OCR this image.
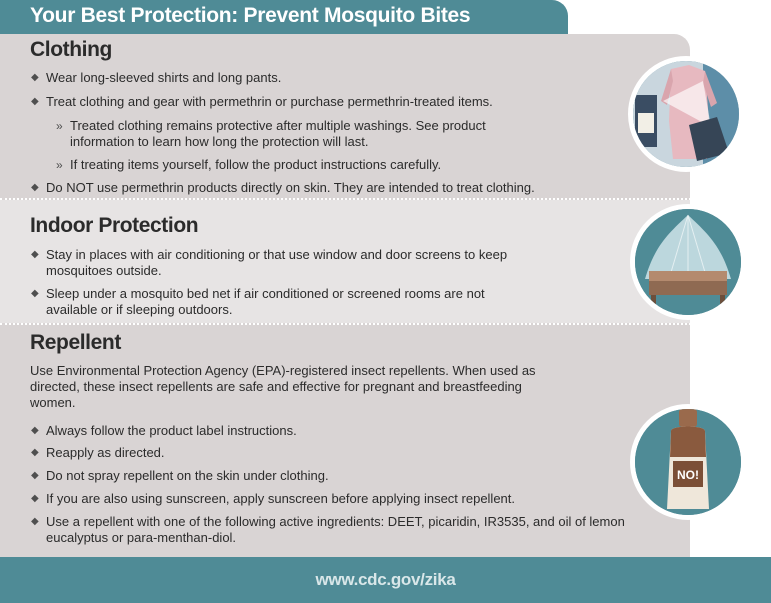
Your Best Protection: Prevent Mosquito Bites
Clothing
◆ Wear long-sleeved shirts and long pants.
◆ Treat clothing and gear with permethrin or purchase permethrin-treated items.
» Treated clothing remains protective after multiple washings. See product information to learn how long the protection will last.
» If treating items yourself, follow the product instructions carefully.
◆ Do NOT use permethrin products directly on skin. They are intended to treat clothing.
Indoor Protection
◆ Stay in places with air conditioning or that use window and door screens to keep mosquitoes outside.
◆ Sleep under a mosquito bed net if air conditioned or screened rooms are not available or if sleeping outdoors.
Repellent
Use Environmental Protection Agency (EPA)-registered insect repellents. When used as directed, these insect repellents are safe and effective for pregnant and breastfeeding women.
◆ Always follow the product label instructions.
◆ Reapply as directed.
◆ Do not spray repellent on the skin under clothing.
◆ If you are also using sunscreen, apply sunscreen before applying insect repellent.
◆ Use a repellent with one of the following active ingredients: DEET, picaridin, IR3535, and oil of lemon eucalyptus or para-menthan-diol.
NO!
www.cdc.gov/zika
